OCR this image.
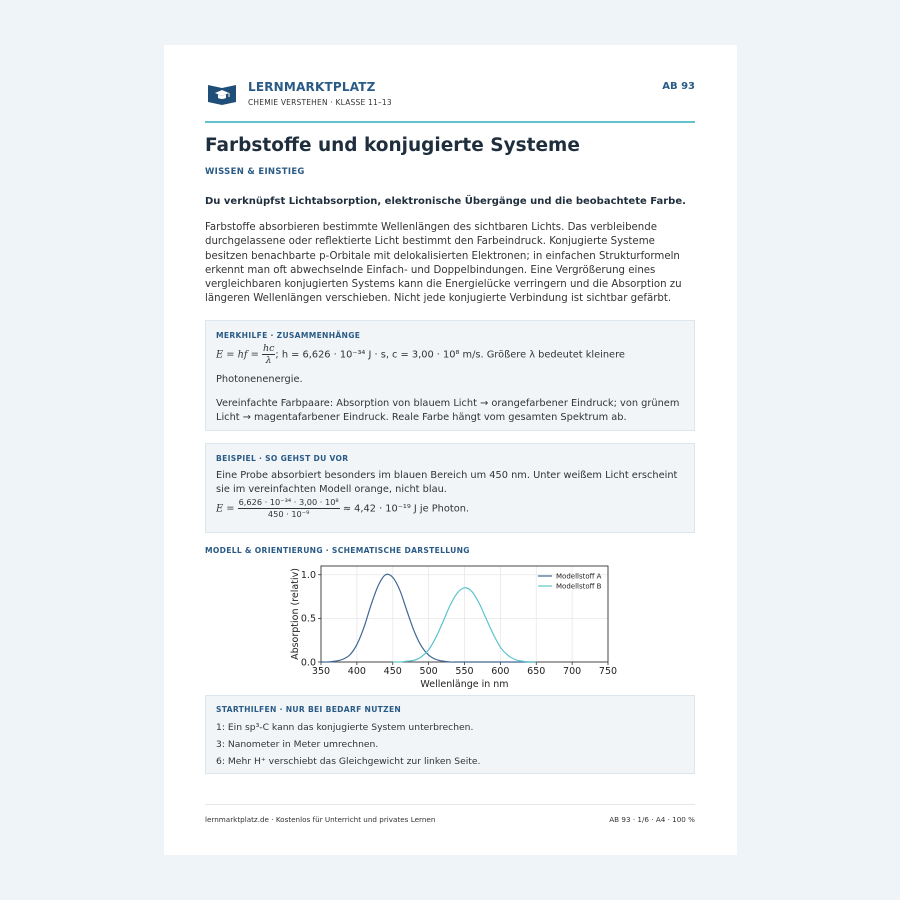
LERNMARKTPLATZ
CHEMIE VERSTEHEN · KLASSE 11–13
AB 93
Farbstoffe und konjugierte Systeme
WISSEN & EINSTIEG
Du verknüpfst Lichtabsorption, elektronische Übergänge und die beobachtete Farbe.

Farbstoffe absorbieren bestimmte Wellenlängen des sichtbaren Lichts. Das verbleibende durchgelassene oder reflektierte Licht bestimmt den Farbeindruck. Konjugierte Systeme besitzen benachbarte p-Orbitale mit delokalisierten Elektronen; in einfachen Strukturformeln erkennt man oft abwechselnde Einfach- und Doppelbindungen. Eine Vergrößerung eines vergleichbaren konjugierten Systems kann die Energielücke verringern und die Absorption zu längeren Wellenlängen verschieben. Nicht jede konjugierte Verbindung ist sichtbar gefärbt.

MERKHILFE · ZUSAMMENHÄNGE
E = hf = $\frac{hc}{\lambda}$ ; h = 6,626 · 10⁻³⁴ J · s, c = 3,00 · 10⁸ m/s. Größere λ bedeutet kleinere
Photonenenergie.

Vereinfachte Farbpaare: Absorption von blauem Licht → orangefarbener Eindruck; von grünem Licht → magentafarbener Eindruck. Reale Farbe hängt vom gesamten Spektrum ab.

BEISPIEL · SO GEHST DU VOR

Eine Probe absorbiert besonders im blauen Bereich um 450 nm. Unter weißem Licht erscheint sie im vereinfachten Modell orange, nicht blau.

$E = \frac{\text{6,626 · 10⁻³⁴ · 3,00 · 10⁸}}{\text{450 · 10⁻⁹}} \approx 4,42 \cdot 10^{-19}$ J je Photon.
MODELL & ORIENTIERUNG · SCHEMATISCHE DARSTELLUNG
350 400 450 500 550 600 650 700 750
0.0
0.5
1.0
Wellenlänge in nm
Absorption (relativ)	Modellstoff A
Modellstoff B
STARTHILFEN · NUR BEI BEDARF NUTZEN
1: Ein sp³-C kann das konjugierte System unterbrechen.
3: Nanometer in Meter umrechnen.
6: Mehr H⁺ verschiebt das Gleichgewicht zur linken Seite.
lernmarktplatz.de · Kostenlos für Unterricht und privates Lernen	AB 93 · 1/6 · A4 · 100 %
